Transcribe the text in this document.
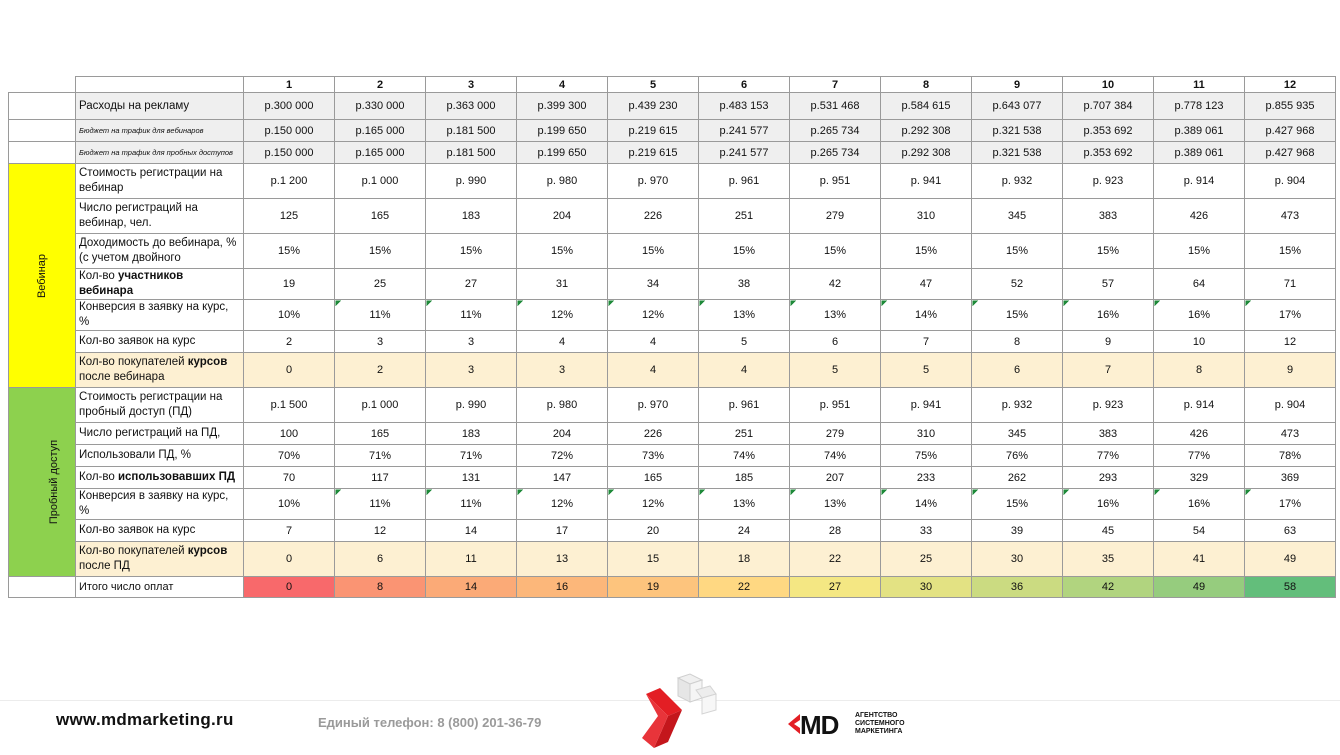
		1	2	3	4	5	6	7	8	9	10	11	12
	Расходы на рекламу	р.300 000	р.330 000	р.363 000	р.399 300	р.439 230	р.483 153	р.531 468	р.584 615	р.643 077	р.707 384	р.778 123	р.855 935
	Бюджет на трафик для вебинаров	р.150 000	р.165 000	р.181 500	р.199 650	р.219 615	р.241 577	р.265 734	р.292 308	р.321 538	р.353 692	р.389 061	р.427 968
	Бюджет на трафик для пробных доступов	р.150 000	р.165 000	р.181 500	р.199 650	р.219 615	р.241 577	р.265 734	р.292 308	р.321 538	р.353 692	р.389 061	р.427 968
Вебинар	Стоимость регистрации на вебинар	р.1 200	р.1 000	р. 990	р. 980	р. 970	р. 961	р. 951	р. 941	р. 932	р. 923	р. 914	р. 904
	Число регистраций на вебинар, чел.	125	165	183	204	226	251	279	310	345	383	426	473
	Доходимость до вебинара, % (с учетом двойного	15%	15%	15%	15%	15%	15%	15%	15%	15%	15%	15%	15%
	Кол-во участников вебинара	19	25	27	31	34	38	42	47	52	57	64	71
	Конверсия в заявку на курс, %	10%	11%	11%	12%	12%	13%	13%	14%	15%	16%	16%	17%
	Кол-во заявок на курс	2	3	3	4	4	5	6	7	8	9	10	12
	Кол-во покупателей курсов после вебинара	0	2	3	3	4	4	5	5	6	7	8	9
Пробный доступ	Стоимость регистрации на пробный доступ (ПД)	р.1 500	р.1 000	р. 990	р. 980	р. 970	р. 961	р. 951	р. 941	р. 932	р. 923	р. 914	р. 904
	Число регистраций на ПД,	100	165	183	204	226	251	279	310	345	383	426	473
	Использовали ПД, %	70%	71%	71%	72%	73%	74%	74%	75%	76%	77%	77%	78%
	Кол-во использовавших ПД	70	117	131	147	165	185	207	233	262	293	329	369
	Конверсия в заявку на курс, %	10%	11%	11%	12%	12%	13%	13%	14%	15%	16%	16%	17%
	Кол-во заявок на курс	7	12	14	17	20	24	28	33	39	45	54	63
	Кол-во покупателей курсов после ПД	0	6	11	13	15	18	22	25	30	35	41	49
	Итого число оплат	0	8	14	16	19	22	27	30	36	42	49	58
www.mdmarketing.ru	Единый телефон: 8 (800) 201-36-79	MD АГЕНТСТВО
СИСТЕМНОГО
МАРКЕТИНГА
